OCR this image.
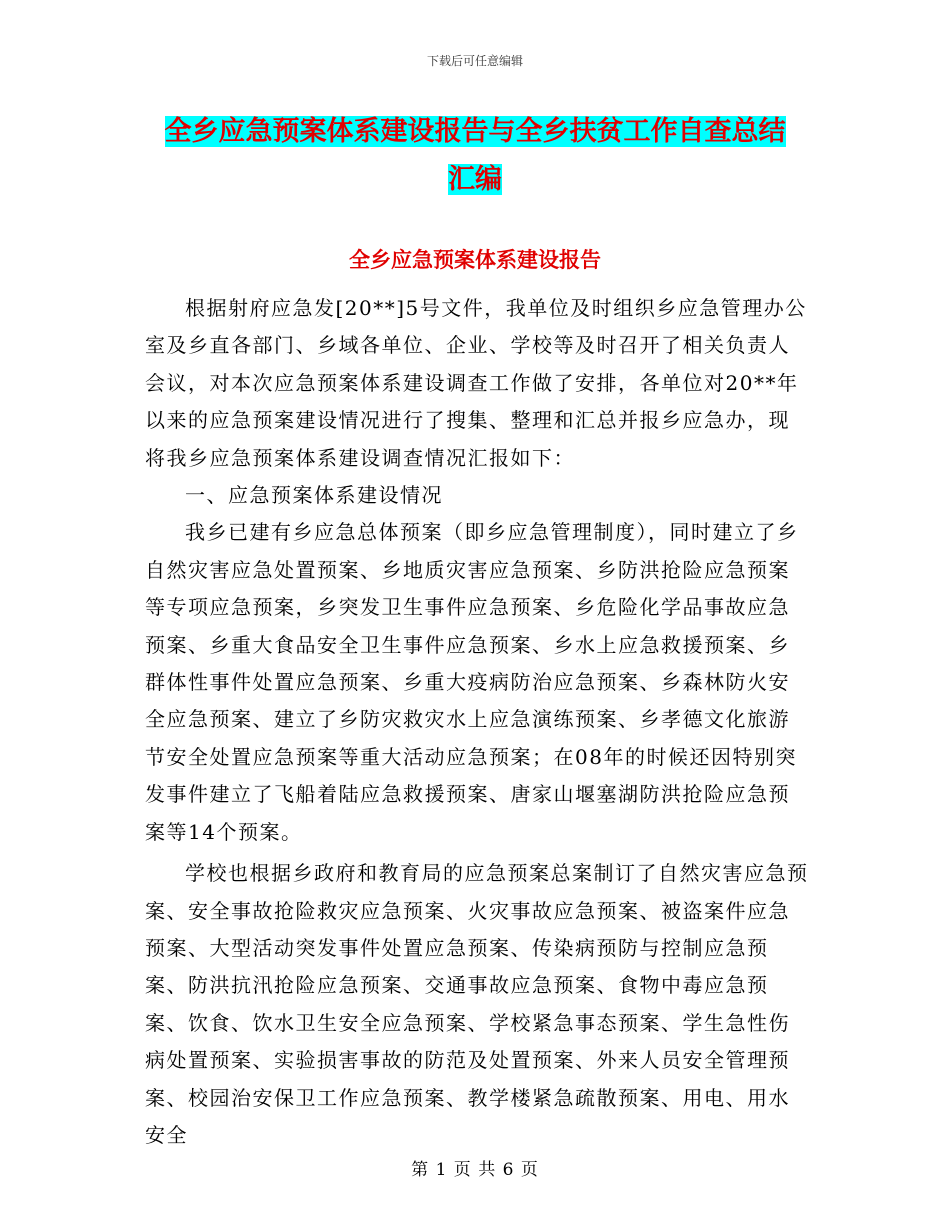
下载后可任意编辑
全乡应急预案体系建设报告与全乡扶贫工作自查总结
汇编
全乡应急预案体系建设报告

根据射府应急发[20**]5号文件，我单位及时组织乡应急管理办公室及乡直各部门、乡域各单位、企业、学校等及时召开了相关负责人会议，对本次应急预案体系建设调查工作做了安排，各单位对20**年以来的应急预案建设情况进行了搜集、整理和汇总并报乡应急办，现将我乡应急预案体系建设调查情况汇报如下：

一、应急预案体系建设情况

我乡已建有乡应急总体预案（即乡应急管理制度），同时建立了乡自然灾害应急处置预案、乡地质灾害应急预案、乡防洪抢险应急预案等专项应急预案，乡突发卫生事件应急预案、乡危险化学品事故应急预案、乡重大食品安全卫生事件应急预案、乡水上应急救援预案、乡群体性事件处置应急预案、乡重大疫病防治应急预案、乡森林防火安全应急预案、建立了乡防灾救灾水上应急演练预案、乡孝德文化旅游节安全处置应急预案等重大活动应急预案；在08年的时候还因特别突发事件建立了飞船着陆应急救援预案、唐家山堰塞湖防洪抢险应急预案等14个预案。

学校也根据乡政府和教育局的应急预案总案制订了自然灾害应急预案、安全事故抢险救灾应急预案、火灾事故应急预案、被盗案件应急预案、大型活动突发事件处置应急预案、传染病预防与控制应急预案、防洪抗汛抢险应急预案、交通事故应急预案、食物中毒应急预案、饮食、饮水卫生安全应急预案、学校紧急事态预案、学生急性伤病处置预案、实验损害事故的防范及处置预案、外来人员安全管理预案、校园治安保卫工作应急预案、教学楼紧急疏散预案、用电、用水安全

第 1 页 共 6 页
